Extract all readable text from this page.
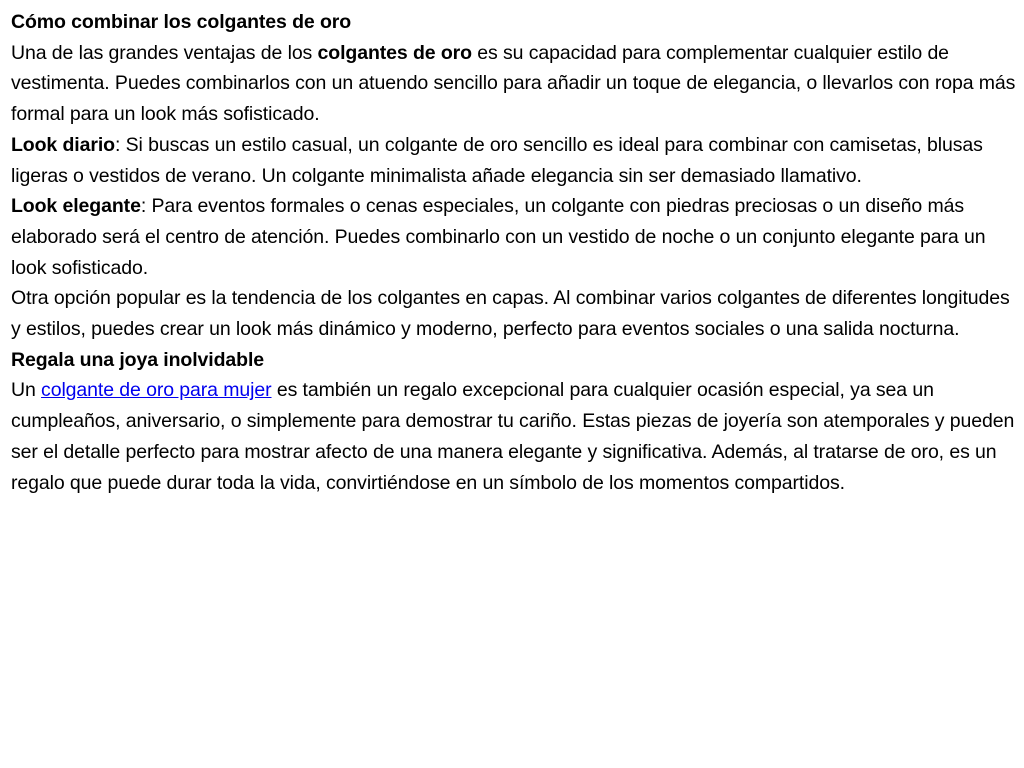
Cómo combinar los colgantes de oro

Una de las grandes ventajas de los colgantes de oro es su capacidad para complementar cualquier estilo de vestimenta. Puedes combinarlos con un atuendo sencillo para añadir un toque de elegancia, o llevarlos con ropa más formal para un look más sofisticado.

Look diario: Si buscas un estilo casual, un colgante de oro sencillo es ideal para combinar con camisetas, blusas ligeras o vestidos de verano. Un colgante minimalista añade elegancia sin ser demasiado llamativo.

Look elegante: Para eventos formales o cenas especiales, un colgante con piedras preciosas o un diseño más elaborado será el centro de atención. Puedes combinarlo con un vestido de noche o un conjunto elegante para un look sofisticado.

Otra opción popular es la tendencia de los colgantes en capas. Al combinar varios colgantes de diferentes longitudes y estilos, puedes crear un look más dinámico y moderno, perfecto para eventos sociales o una salida nocturna.

Regala una joya inolvidable

Un colgante de oro para mujer es también un regalo excepcional para cualquier ocasión especial, ya sea un cumpleaños, aniversario, o simplemente para demostrar tu cariño. Estas piezas de joyería son atemporales y pueden ser el detalle perfecto para mostrar afecto de una manera elegante y significativa. Además, al tratarse de oro, es un regalo que puede durar toda la vida, convirtiéndose en un símbolo de los momentos compartidos.
